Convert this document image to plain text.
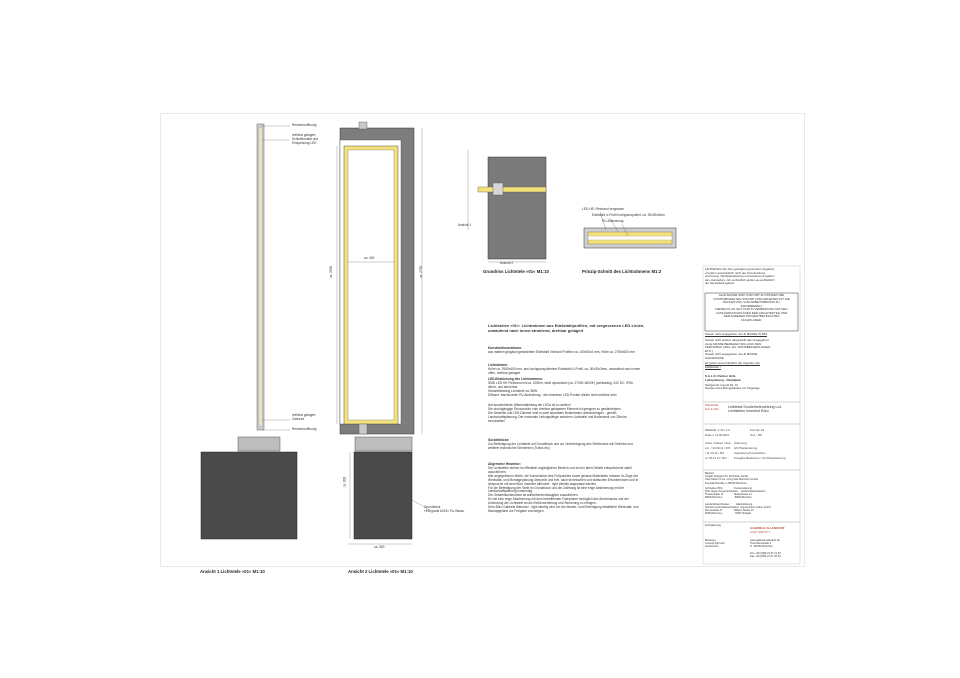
Revisionsöffnung
drehbar gelagert,
Schleifkontakt und
Einspeisung LED
drehbar gelagert,
Zahnrad
Revisionsöffnung
Grundblock
»Elingranit A315« Fa. Basso
LED-HE: Flexband vergossen
Edelstahl U-Profil hochglanzpoliert, ca. 30x30x3mm
PU-Abdeckung
Ansicht 1
Ansicht 2
ca. 2550	ca. 2730
ca. 400
ca. 600
ca. 500
Ansicht 1 Lichtstele »01« M1:10	Ansicht 2 Lichtstele »01« M1:10
Grundriss Lichtstele »01« M1:10	Prinzip-Schnitt des Lichtrahmens M1:2
Lichtstelen »01«: Lichtrahmen aus Edelstahlprofilen, mit vergossenen LED-Linien,
umlaufend nach innen strahlend, drehbar gelagert
Konstruktionsrahmen:
aus mattem gingasnt gestrahltem Edelstahl Vierkant Profilen ca. 100x60x4 mm, Höhe ca. 2750x600 mm
Lichtrahmen:
Höhe ca. 2550x400 mm, aus hochglanzpoliertem Edelstahl U-Profil, ca. 30x30x3mm, umlaufend nach innen
offen, drehbar gelagert
LED-Bestückung des Lichtrahmens:
SMD LED HE Flexband mit ca. 10W/m, weiß dynamisch (ca. 2700K-6000K) (weitwinkig, 24V DC, IP66,
dimm- und steuerbar
Gesamtleistung Lichtstele ca. 58W
Diffusor: transluzente PU-Abdeckung - die einzelnen LED-Punkte dürfen nicht sichtbar sein.
Auf ausreichende Wärmeableitung der LEDs ist zu achten!
Die durchgängige Stromzufuhr zum drehbar gelagerten Element ist geeignet zu gewährleisten.
Die Netzteile und LED-Dimmer sind in zwei separaten Bodentanks unterzubringen - gemäß
Landschaftsplanung. Der maximale Leitungslänge zwischen Lichtstele und Bodentank von 28m ist
einzuhalten!
Sockelblöcke:
Zur Befestigung der Lichtstele auf Grundblock und zur Unterbringung des Stellmotors mit Getriebe und
weiterer technischer Elementen (Trafos etc)
Allgemeine Hinweise:
Die Lichtstelen stehen im öffentlich zugänglichen Bereich und sind in allen Details entsprechend stabil
auszuführen.
Alle angegebenen Maße, die Konstruktion des Fußpunktes sowie genaue Materialien müssen im Zuge der
Werkstatt- und Montageplanung überprüft und evtl. nach technischen und statischen Erfordernissen und in
Absprache mit dem Büro Gabriele Allendorf - light identity angepasst werden.
Für die Befestigung der Stele im Grundblock und die Zuleitung ist eine enge Abstimmung mit der
Landschaftsplanung notwendig.
Die Gesamtkonstruktion ist außenbereichstauglich auszuführen.
Es hat eine enge Abstimmung mit dem betreffenden Fachplaner bezüglich des Anschlusses und der
Anbindung der Lichtstele an die Elektroverteilung und Steuerung zu erfolgen.
Dem Büro Gabriele Allendorf - light identity sind vor der Muster- und Einfertigung detaillierte Werkstatt- und
Montagepläne zur Freigabe vorzulegen.
LEITDETAIL Die hier gezeigten genannten Angaben
ersetzen ausdrücklich nicht die Konstruktions-
zeichnung, Werkplanplanung und weiteren Angaben
des Herstellers. Als verbindlich gelten ausschließlich
die Herstellerangaben.
ALLE MASSE SIND VOR ORT ZU PRÜFEN, BEI
UNSTIMMIGKEITEN SOFORT UNKLARHEITEN IST DIE
BAULEITUNG VOR ARBEITSBEGINN ZU
INFORMIEREN.
DIESER PLAN GILT NUR IN VERBINDUNG MIT DEN
AUSFÜHRUNGSPLÄNEN DER ARCHITEKTEN UND
DER ANDEREN PROJEKTBETEILIGTEN
FACHPLANER.
Soweit nicht angegeben: ALLE MASSE IN MM
Soweit nicht anders dargestellt oder angegeben:
ALLE MASSE BEZIEHEN SICH AUF DEN
FERTIGBAU (INKL. EV. WANDBEKLEIDUNGEN
ETC.)
Soweit nicht angegeben: ALLE MASSE
ACHSMASSE
Es gelten ausschließlich die Angaben der
Maßketten !
S.A.L.O. Partner Höfe
Lichtplanung - Detailplan
Stuttgart-W. Gerold-Str. 10
Neubau eines Bürogebäudes mit Tiefgarage
Planinhalt
GA-X-C01	Leitdetail Sonderbeleuchtung Lo1
Lichtstelen Innenhof Büro
Maßstab: 1:10 / 1:2	Format: A3
Datum: 11.09.2011	Gez.: RO
Index / Datum / Zeic. Änderung
a.b. / 14.09.11 / RO GN Planänderung
/ 11.10.11 / RO	Anpassung Konstruktion
d / 20.11.11 / RO	Freigabe Bauherren / GU-Planänderung
Bauherr
Projekt Stuttgart XII. Wohnbau GmbH
Über Martin & Co. und große München GmbH
Kreuzkirchstraße 4, 80539 München
Architekten BDA                 Freiraumplanung
PGP Jürgen Pergel Architekten    Landschaftsarchitekten
Theaterstraße 12                Skulptstrasse 14
80539 München                   80539 München
Landschaftsarchitekten          Elektroplanung
Schmidt Landschaftsarchitekten  Ingenieurbüro Gröber GmbH
Klenzestraße 47                 Wilhelm-Straße 10
80469 München                   70567 Stuttgart
Lichtplanung
GABRIELE ALLENDORF
LIGHT IDENTITY
Beratung
concept light and
architecture
www.gabriele-allendorf.de
Theresienstraße 4
D - 80333 München
Fon +49 (0)89 21 57 21 52
Fax +49 (0)89 21 57 40 54
